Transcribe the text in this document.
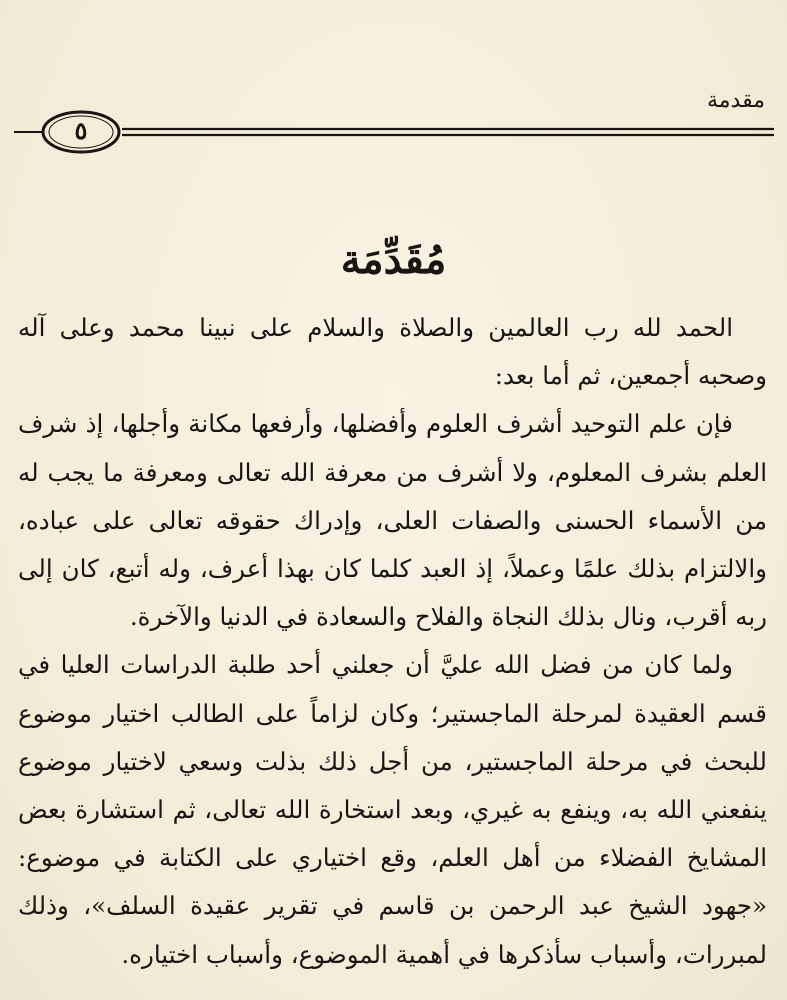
مقدمة
٥
مُقَدِّمَة

الحمد لله رب العالمين والصلاة والسلام على نبينا محمد وعلى آله وصحبه أجمعين، ثم أما بعد:

فإن علم التوحيد أشرف العلوم وأفضلها، وأرفعها مكانة وأجلها، إذ شرف العلم بشرف المعلوم، ولا أشرف من معرفة الله تعالى ومعرفة ما يجب له من الأسماء الحسنى والصفات العلى، وإدراك حقوقه تعالى على عباده، والالتزام بذلك علمًا وعملاً، إذ العبد كلما كان بهذا أعرف، وله أتبع، كان إلى ربه أقرب، ونال بذلك النجاة والفلاح والسعادة في الدنيا والآخرة.

ولما كان من فضل الله عليَّ أن جعلني أحد طلبة الدراسات العليا في قسم العقيدة لمرحلة الماجستير؛ وكان لزاماً على الطالب اختيار موضوع للبحث في مرحلة الماجستير، من أجل ذلك بذلت وسعي لاختيار موضوع ينفعني الله به، وينفع به غيري، وبعد استخارة الله تعالى، ثم استشارة بعض المشايخ الفضلاء من أهل العلم، وقع اختياري على الكتابة في موضوع: «جهود الشيخ عبد الرحمن بن قاسم في تقرير عقيدة السلف»، وذلك لمبررات، وأسباب سأذكرها في أهمية الموضوع، وأسباب اختياره.
